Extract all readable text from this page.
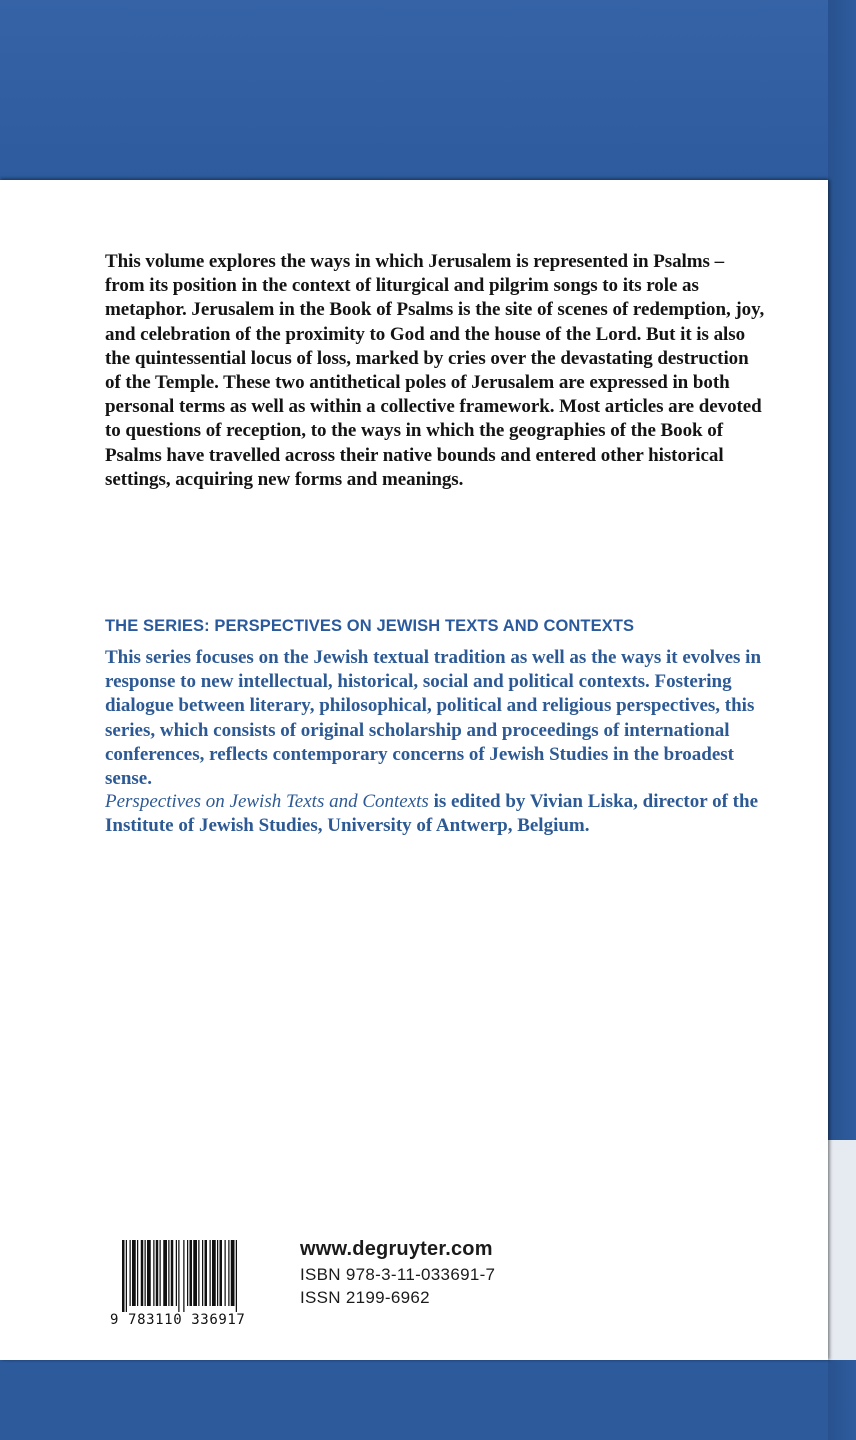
This volume explores the ways in which Jerusalem is represented in Psalms – from its position in the context of liturgical and pilgrim songs to its role as metaphor. Jerusalem in the Book of Psalms is the site of scenes of redemption, joy, and celebration of the proximity to God and the house of the Lord. But it is also the quintessential locus of loss, marked by cries over the devastating destruction of the Temple. These two antithetical poles of Jerusalem are expressed in both personal terms as well as within a collective framework. Most articles are devoted to questions of reception, to the ways in which the geographies of the Book of Psalms have travelled across their native bounds and entered other historical settings, acquiring new forms and meanings.

THE SERIES: PERSPECTIVES ON JEWISH TEXTS AND CONTEXTS

This series focuses on the Jewish textual tradition as well as the ways it evolves in response to new intellectual, historical, social and political contexts. Fostering dialogue between literary, philosophical, political and religious perspectives, this series, which consists of original scholarship and proceedings of international conferences, reflects contemporary concerns of Jewish Studies in the broadest sense.

Perspectives on Jewish Texts and Contexts is edited by Vivian Liska, director of the Institute of Jewish Studies, University of Antwerp, Belgium.

9 783110 336917
www.degruyter.com
ISBN 978-3-11-033691-7
ISSN 2199-6962
